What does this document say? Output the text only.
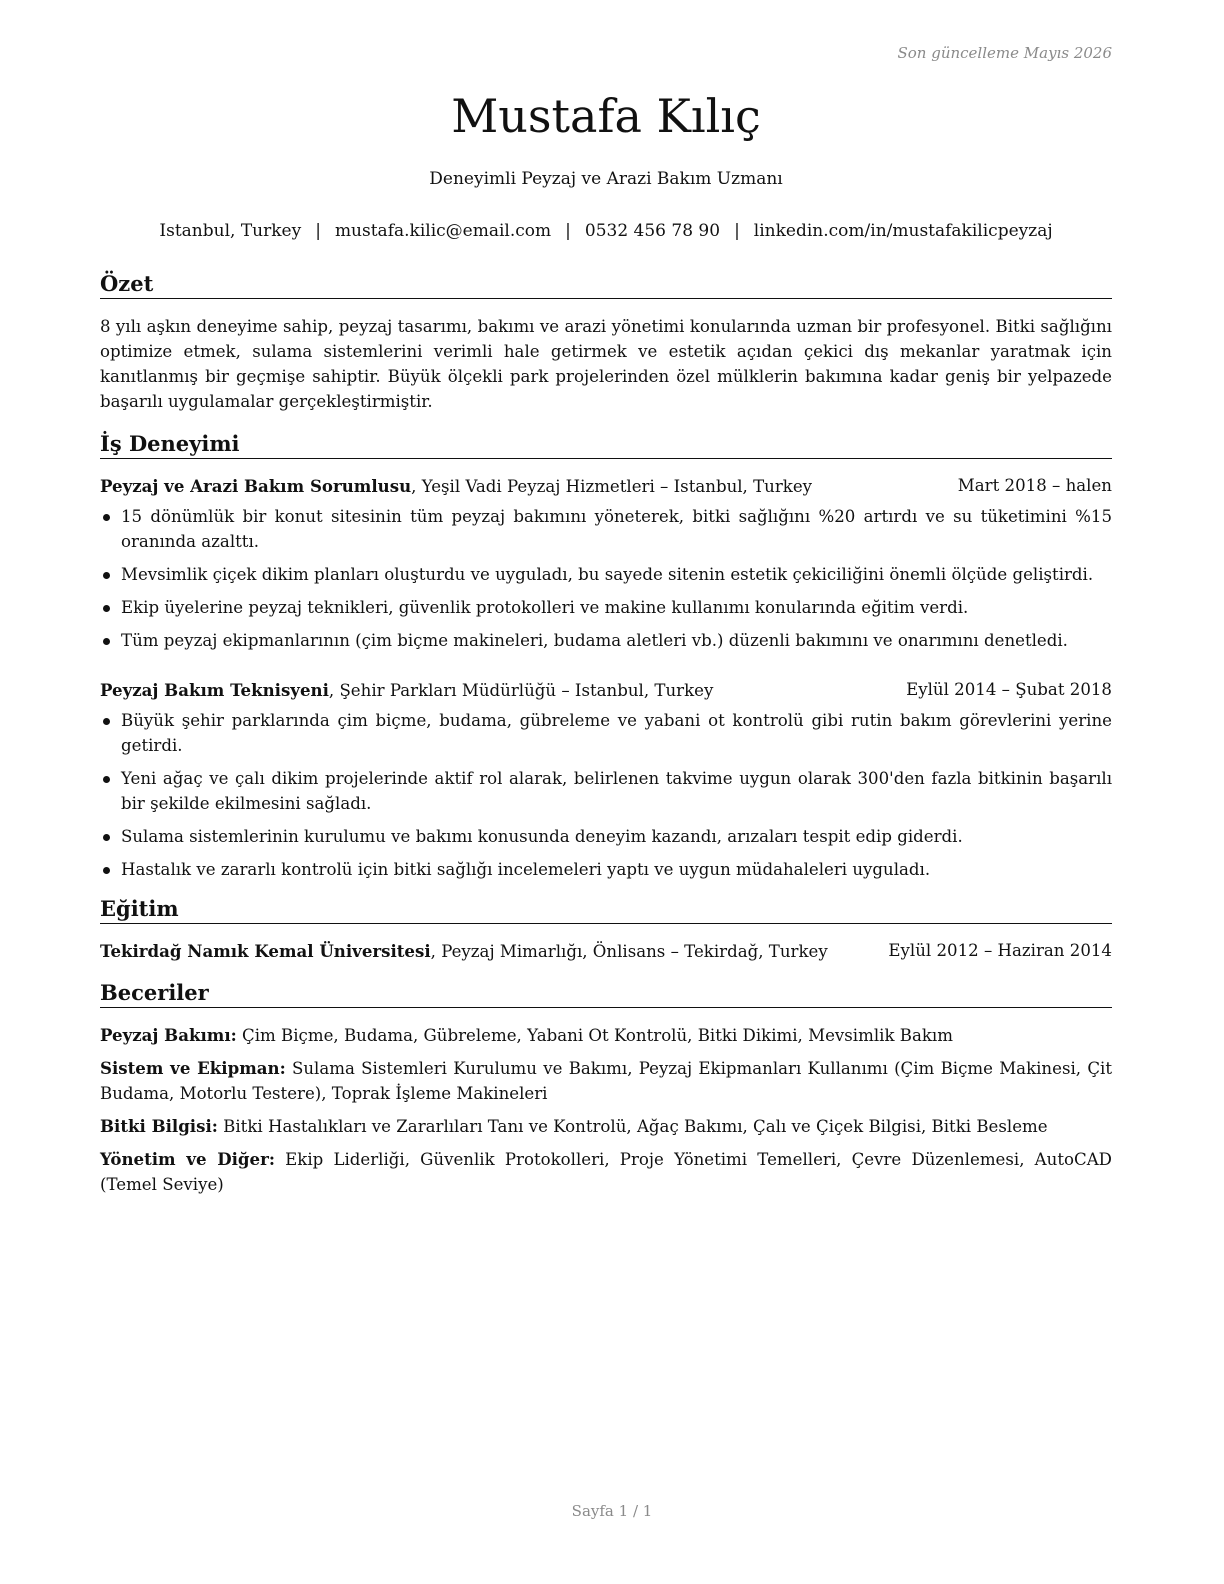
Son güncelleme Mayıs 2026
Mustafa Kılıç
Deneyimli Peyzaj ve Arazi Bakım Uzmanı
Istanbul, Turkey | mustafa.kilic@email.com | 0532 456 78 90 | linkedin.com/in/mustafakilicpeyzaj
Özet
8 yılı aşkın deneyime sahip, peyzaj tasarımı, bakımı ve arazi yönetimi konularında uzman bir profesyonel. Bitki sağlığını optimize etmek, sulama sistemlerini verimli hale getirmek ve estetik açıdan çekici dış mekanlar yaratmak için kanıtlanmış bir geçmişe sahiptir. Büyük ölçekli park projelerinden özel mülklerin bakımına kadar geniş bir yelpazede başarılı uygulamalar gerçekleştirmiştir.
İş Deneyimi
Peyzaj ve Arazi Bakım Sorumlusu, Yeşil Vadi Peyzaj Hizmetleri – Istanbul, Turkey	Mart 2018 – halen
15 dönümlük bir konut sitesinin tüm peyzaj bakımını yöneterek, bitki sağlığını %20 artırdı ve su tüketimini %15 oranında azalttı.
Mevsimlik çiçek dikim planları oluşturdu ve uyguladı, bu sayede sitenin estetik çekiciliğini önemli ölçüde geliştirdi.
Ekip üyelerine peyzaj teknikleri, güvenlik protokolleri ve makine kullanımı konularında eğitim verdi.
Tüm peyzaj ekipmanlarının (çim biçme makineleri, budama aletleri vb.) düzenli bakımını ve onarımını denetledi.
Peyzaj Bakım Teknisyeni, Şehir Parkları Müdürlüğü – Istanbul, Turkey	Eylül 2014 – Şubat 2018
Büyük şehir parklarında çim biçme, budama, gübreleme ve yabani ot kontrolü gibi rutin bakım görevlerini yerine getirdi.
Yeni ağaç ve çalı dikim projelerinde aktif rol alarak, belirlenen takvime uygun olarak 300'den fazla bitkinin başarılı bir şekilde ekilmesini sağladı.
Sulama sistemlerinin kurulumu ve bakımı konusunda deneyim kazandı, arızaları tespit edip giderdi.
Hastalık ve zararlı kontrolü için bitki sağlığı incelemeleri yaptı ve uygun müdahaleleri uyguladı.
Eğitim
Tekirdağ Namık Kemal Üniversitesi, Peyzaj Mimarlığı, Önlisans – Tekirdağ, Turkey	Eylül 2012 – Haziran 2014
Beceriler
Peyzaj Bakımı: Çim Biçme, Budama, Gübreleme, Yabani Ot Kontrolü, Bitki Dikimi, Mevsimlik Bakım
Sistem ve Ekipman: Sulama Sistemleri Kurulumu ve Bakımı, Peyzaj Ekipmanları Kullanımı (Çim Biçme Makinesi, Çit Budama, Motorlu Testere), Toprak İşleme Makineleri
Bitki Bilgisi: Bitki Hastalıkları ve Zararlıları Tanı ve Kontrolü, Ağaç Bakımı, Çalı ve Çiçek Bilgisi, Bitki Besleme
Yönetim ve Diğer: Ekip Liderliği, Güvenlik Protokolleri, Proje Yönetimi Temelleri, Çevre Düzenlemesi, AutoCAD (Temel Seviye)
Sayfa 1 / 1
